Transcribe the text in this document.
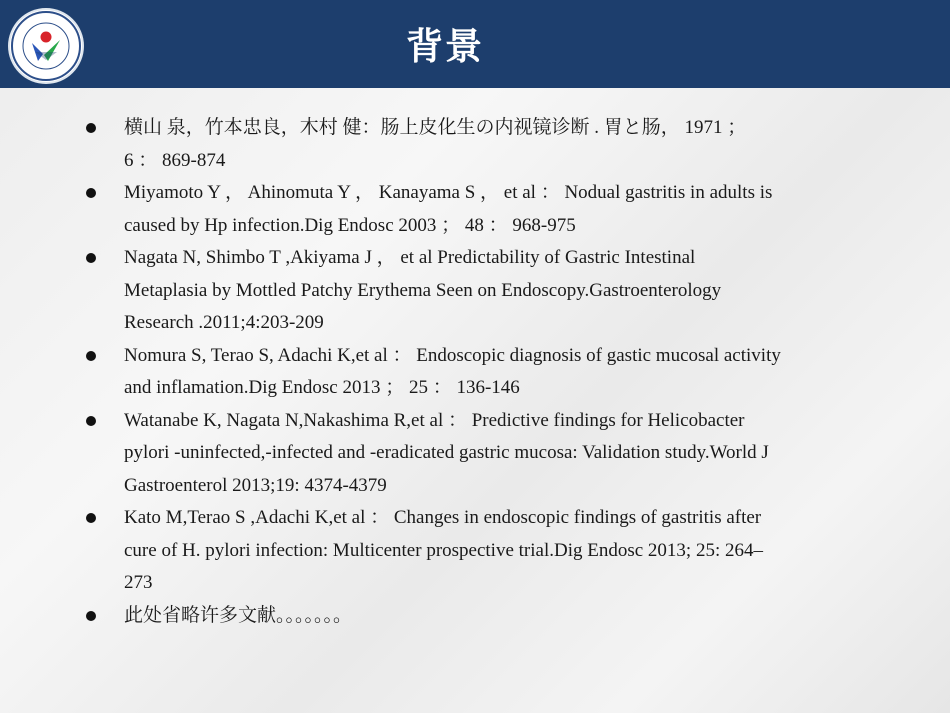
背景
横山 泉，竹本忠良，木村 健：肠上皮化生の内视镜诊断 . 胃と肠， 1971 ；
6 ： 869-874
Miyamoto Y ， Ahinomuta Y ， Kanayama S ， et al ： Nodual gastritis in adults is
caused by Hp infection.Dig Endosc 2003 ； 48 ： 968-975
Nagata N, Shimbo T ,Akiyama J ， et al Predictability of Gastric Intestinal
Metaplasia by Mottled Patchy Erythema Seen on Endoscopy.Gastroenterology
Research .2011;4:203-209
Nomura S, Terao S, Adachi K,et al ： Endoscopic diagnosis of gastic mucosal activity
and inflamation.Dig Endosc 2013 ； 25 ： 136-146
Watanabe K, Nagata N,Nakashima R,et al ： Predictive findings for Helicobacter
pylori -uninfected,-infected and -eradicated gastric mucosa: Validation study.World J
Gastroenterol 2013;19: 4374-4379
Kato M,Terao S ,Adachi K,et al ： Changes in endoscopic findings of gastritis after
cure of H. pylori infection: Multicenter prospective trial.Dig Endosc 2013; 25: 264–
273
此处省略许多文献。。。。。。。
